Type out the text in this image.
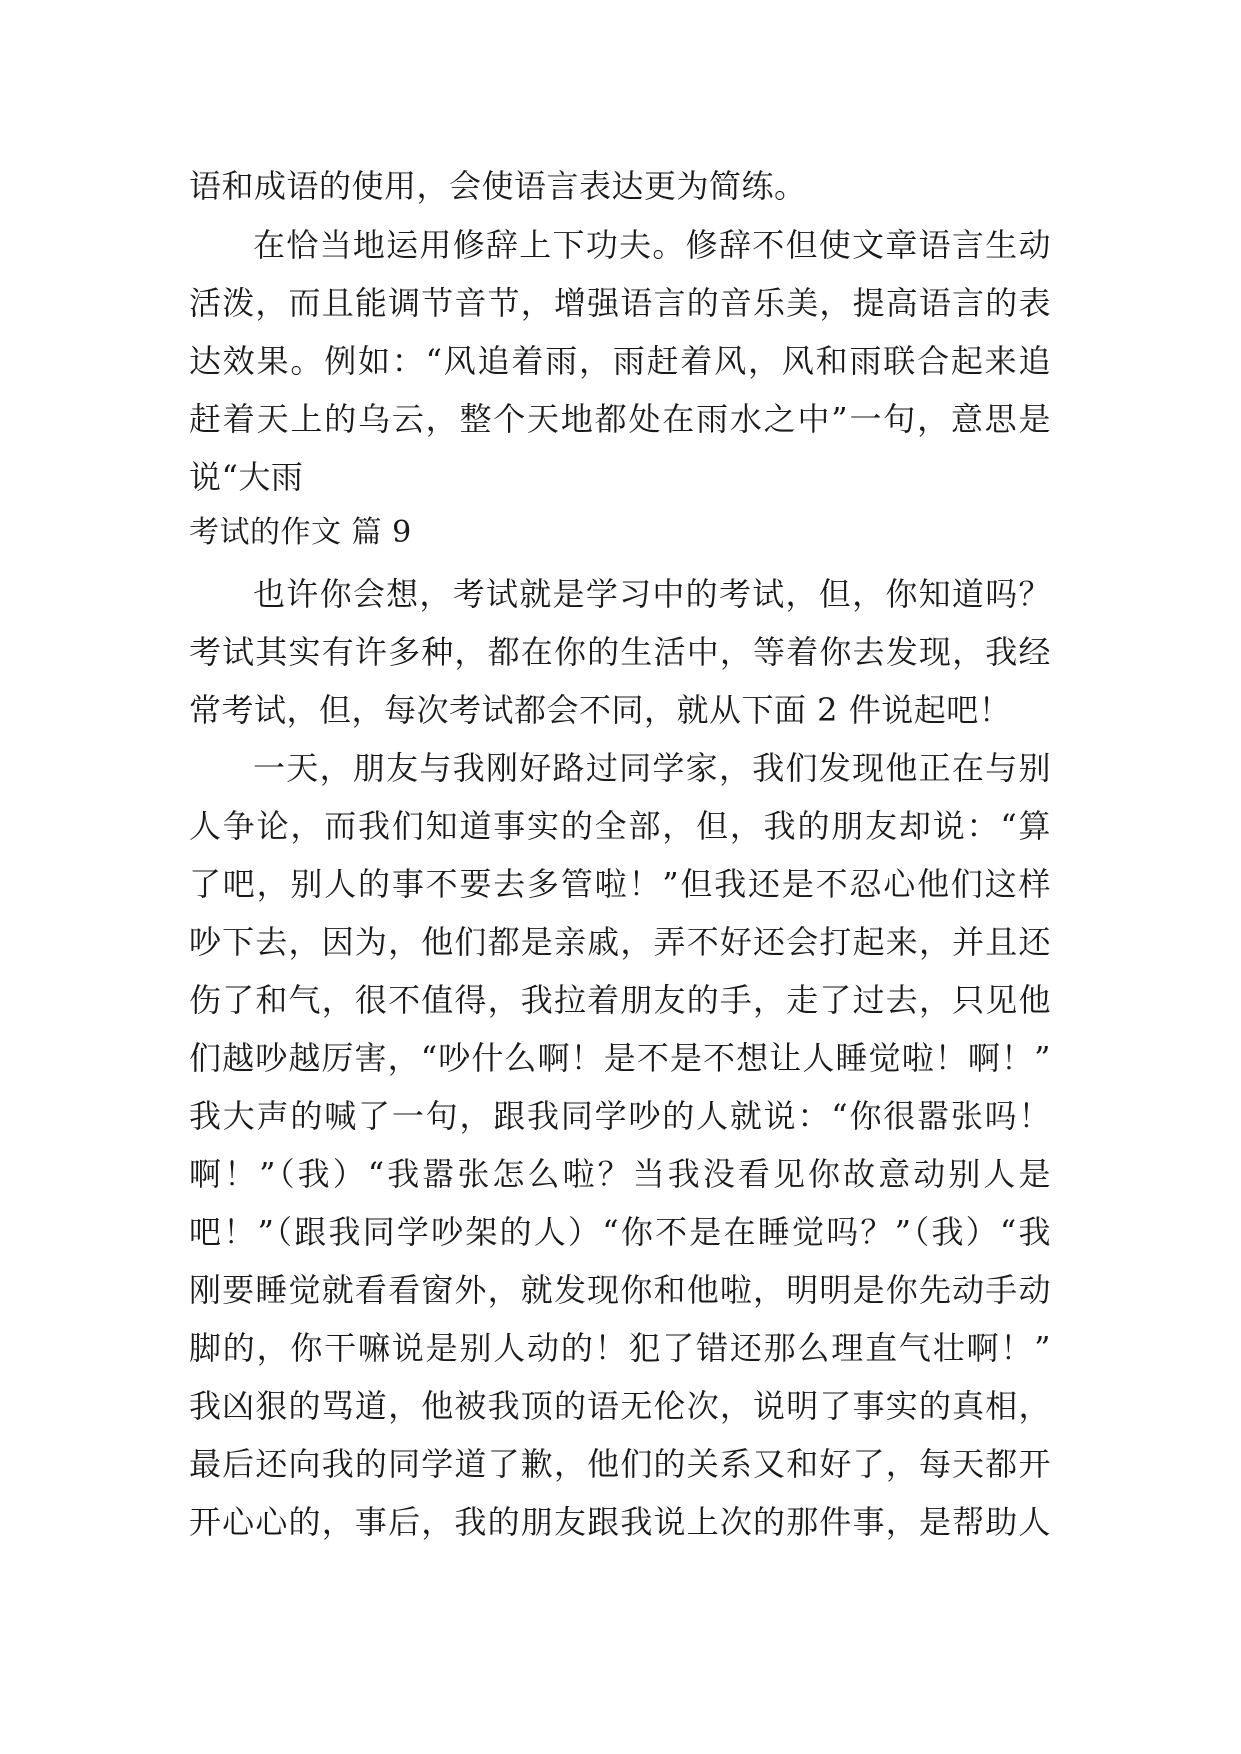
语和成语的使用，会使语言表达更为简练。
在恰当地运用修辞上下功夫。修辞不但使文章语言生动
活泼，而且能调节音节，增强语言的音乐美，提高语言的表
达效果。例如：“风追着雨，雨赶着风，风和雨联合起来追
赶着天上的乌云，整个天地都处在雨水之中”一句，意思是
说“大雨
考试的作文 篇 9
也许你会想，考试就是学习中的考试，但，你知道吗？
考试其实有许多种，都在你的生活中，等着你去发现，我经
常考试，但，每次考试都会不同，就从下面 2 件说起吧！
一天，朋友与我刚好路过同学家，我们发现他正在与别
人争论，而我们知道事实的全部，但，我的朋友却说：“算
了吧，别人的事不要去多管啦！”但我还是不忍心他们这样
吵下去，因为，他们都是亲戚，弄不好还会打起来，并且还
伤了和气，很不值得，我拉着朋友的手，走了过去，只见他
们越吵越厉害，“吵什么啊！是不是不想让人睡觉啦！啊！”
我大声的喊了一句，跟我同学吵的人就说：“你很嚣张吗！
啊！”（我）“我嚣张怎么啦？当我没看见你故意动别人是
吧！”（跟我同学吵架的人）“你不是在睡觉吗？”（我）“我
刚要睡觉就看看窗外，就发现你和他啦，明明是你先动手动
脚的，你干嘛说是别人动的！犯了错还那么理直气壮啊！”
我凶狠的骂道，他被我顶的语无伦次，说明了事实的真相，
最后还向我的同学道了歉，他们的关系又和好了，每天都开
开心心的，事后，我的朋友跟我说上次的那件事，是帮助人
